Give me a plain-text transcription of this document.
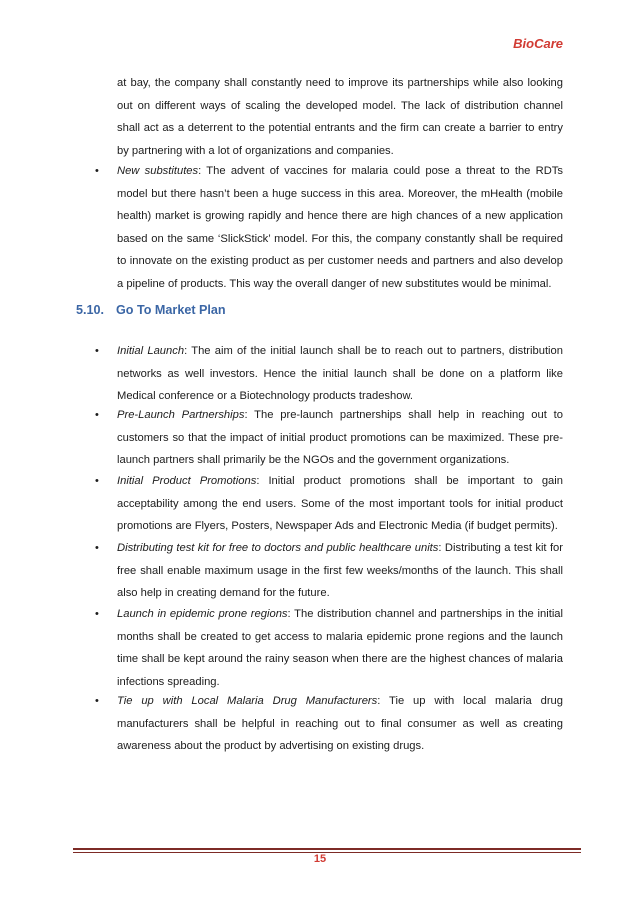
BioCare

at bay, the company shall constantly need to improve its partnerships while also looking out on different ways of scaling the developed model. The lack of distribution channel shall act as a deterrent to the potential entrants and the firm can create a barrier to entry by partnering with a lot of organizations and companies.

• New substitutes: The advent of vaccines for malaria could pose a threat to the RDTs model but there hasn’t been a huge success in this area. Moreover, the mHealth (mobile health) market is growing rapidly and hence there are high chances of a new application based on the same ‘SlickStick’ model. For this, the company constantly shall be required to innovate on the existing product as per customer needs and partners and also develop a pipeline of products. This way the overall danger of new substitutes would be minimal.

5.10. Go To Market Plan
• Initial Launch: The aim of the initial launch shall be to reach out to partners, distribution networks as well investors. Hence the initial launch shall be done on a platform like Medical conference or a Biotechnology products tradeshow.

• Pre-Launch Partnerships: The pre-launch partnerships shall help in reaching out to customers so that the impact of initial product promotions can be maximized. These pre-launch partners shall primarily be the NGOs and the government organizations.

• Initial Product Promotions: Initial product promotions shall be important to gain acceptability among the end users. Some of the most important tools for initial product promotions are Flyers, Posters, Newspaper Ads and Electronic Media (if budget permits).

• Distributing test kit for free to doctors and public healthcare units: Distributing a test kit for free shall enable maximum usage in the first few weeks/months of the launch. This shall also help in creating demand for the future.

• Launch in epidemic prone regions: The distribution channel and partnerships in the initial months shall be created to get access to malaria epidemic prone regions and the launch time shall be kept around the rainy season when there are the highest chances of malaria infections spreading.

• Tie up with Local Malaria Drug Manufacturers: Tie up with local malaria drug manufacturers shall be helpful in reaching out to final consumer as well as creating awareness about the product by advertising on existing drugs.

15
